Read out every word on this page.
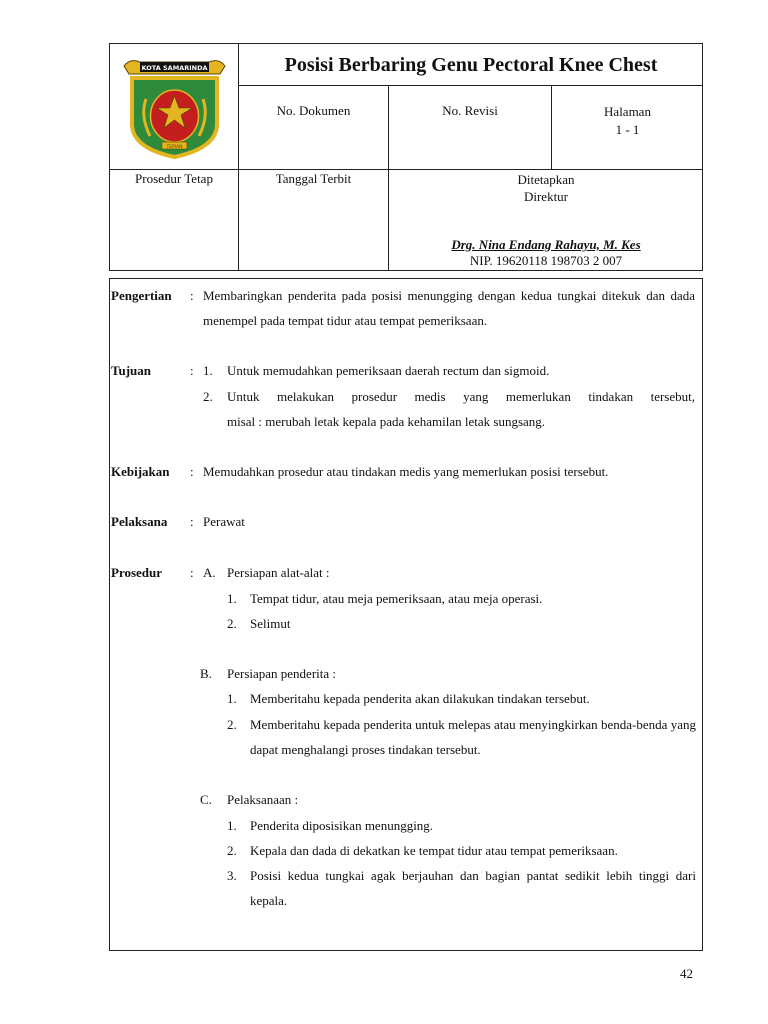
KOTA SAMARINDA
TEPIAN
Posisi Berbaring Genu Pectoral Knee Chest
No. Dokumen	No. Revisi	Halaman
1 - 1
Prosedur Tetap	Tanggal Terbit	Ditetapkan
Direktur
Drg. Nina Endang Rahayu, M. Kes
NIP. 19620118 198703 2 007
Pengertian : Membaringkan penderita pada posisi menungging dengan kedua tungkai ditekuk dan dada menempel pada tempat tidur atau tempat pemeriksaan.
Tujuan	: 1. Untuk memudahkan pemeriksaan daerah rectum dan sigmoid.
2. Untuk melakukan prosedur medis yang memerlukan tindakan tersebut,
misal : merubah letak kepala pada kehamilan letak sungsang.
Kebijakan : Memudahkan prosedur atau tindakan medis yang memerlukan posisi tersebut.
Pelaksana : Perawat
Prosedur : A. Persiapan alat-alat :
1. Tempat tidur, atau meja pemeriksaan, atau meja operasi.
2. Selimut
B. Persiapan penderita :
1. Memberitahu kepada penderita akan dilakukan tindakan tersebut.
2. Memberitahu kepada penderita untuk melepas atau menyingkirkan benda-benda yang dapat menghalangi proses tindakan tersebut.
C. Pelaksanaan :
1. Penderita diposisikan menungging.
2. Kepala dan dada di dekatkan ke tempat tidur atau tempat pemeriksaan.
3. Posisi kedua tungkai agak berjauhan dan bagian pantat sedikit lebih tinggi dari kepala.
42
